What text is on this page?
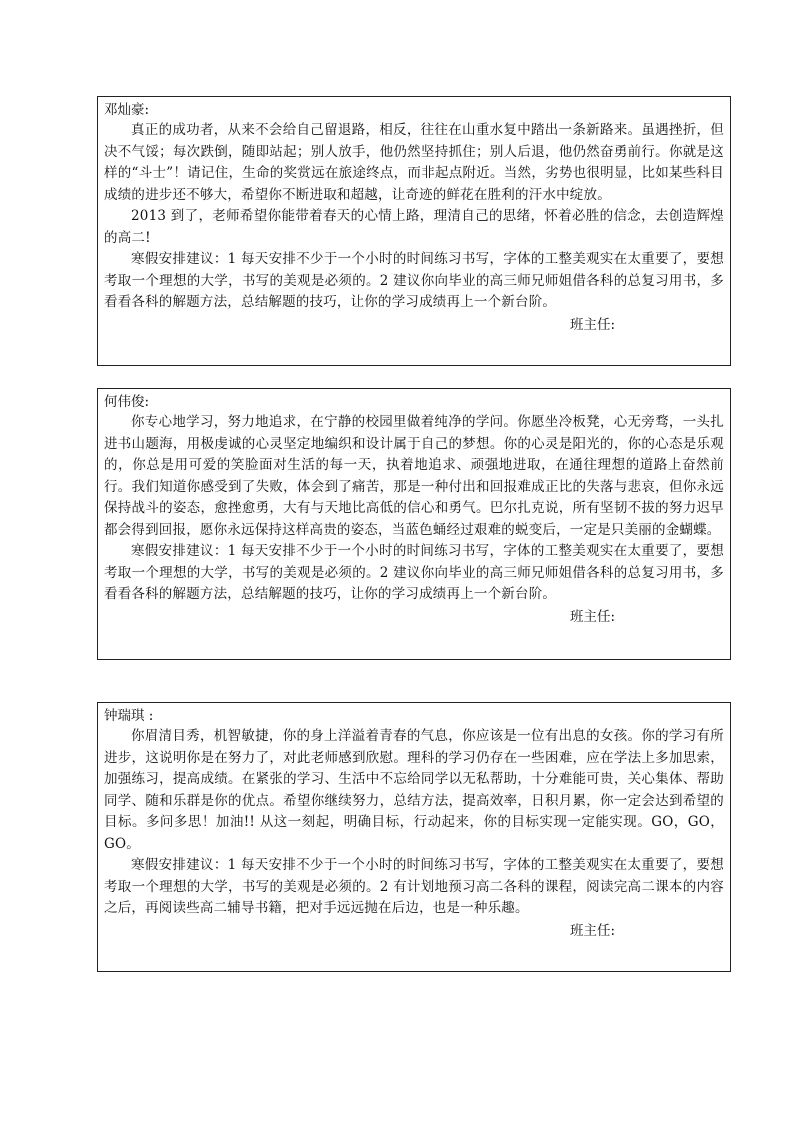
邓灿豪:

真正的成功者，从来不会给自己留退路，相反，往往在山重水复中踏出一条新路来。虽遇挫折，但决不气馁；每次跌倒，随即站起；别人放手，他仍然坚持抓住；别人后退，他仍然奋勇前行。你就是这样的“斗士”！请记住，生命的奖赏远在旅途终点，而非起点附近。当然，劣势也很明显，比如某些科目成绩的进步还不够大，希望你不断进取和超越，让奇迹的鲜花在胜利的汗水中绽放。

2013 到了，老师希望你能带着春天的心情上路，理清自己的思绪，怀着必胜的信念，去创造辉煌的高二!

寒假安排建议：1 每天安排不少于一个小时的时间练习书写，字体的工整美观实在太重要了，要想考取一个理想的大学，书写的美观是必须的。2 建议你向毕业的高三师兄师姐借各科的总复习用书，多看看各科的解题方法，总结解题的技巧，让你的学习成绩再上一个新台阶。

班主任:

何伟俊:

你专心地学习，努力地追求，在宁静的校园里做着纯净的学问。你愿坐冷板凳，心无旁骛，一头扎进书山题海，用极虔诚的心灵坚定地编织和设计属于自己的梦想。你的心灵是阳光的，你的心态是乐观的，你总是用可爱的笑脸面对生活的每一天，执着地追求、顽强地进取，在通往理想的道路上奋然前行。我们知道你感受到了失败，体会到了痛苦，那是一种付出和回报难成正比的失落与悲哀，但你永远保持战斗的姿态，愈挫愈勇，大有与天地比高低的信心和勇气。巴尔扎克说，所有坚韧不拔的努力迟早都会得到回报，愿你永远保持这样高贵的姿态，当蓝色蛹经过艰难的蜕变后，一定是只美丽的金蝴蝶。

寒假安排建议：1 每天安排不少于一个小时的时间练习书写，字体的工整美观实在太重要了，要想考取一个理想的大学，书写的美观是必须的。2 建议你向毕业的高三师兄师姐借各科的总复习用书，多看看各科的解题方法，总结解题的技巧，让你的学习成绩再上一个新台阶。

班主任:

钟瑞琪 :

你眉清目秀，机智敏捷，你的身上洋溢着青春的气息，你应该是一位有出息的女孩。你的学习有所进步，这说明你是在努力了，对此老师感到欣慰。理科的学习仍存在一些困难，应在学法上多加思索，加强练习，提高成绩。在紧张的学习、生活中不忘给同学以无私帮助，十分难能可贵，关心集体、帮助同学、随和乐群是你的优点。希望你继续努力，总结方法，提高效率，日积月累，你一定会达到希望的目标。多问多思！加油!! 从这一刻起，明确目标，行动起来，你的目标实现一定能实现。GO，GO，GO。

寒假安排建议：1 每天安排不少于一个小时的时间练习书写，字体的工整美观实在太重要了，要想考取一个理想的大学，书写的美观是必须的。2 有计划地预习高二各科的课程，阅读完高二课本的内容之后，再阅读些高二辅导书籍，把对手远远抛在后边，也是一种乐趣。

班主任:
